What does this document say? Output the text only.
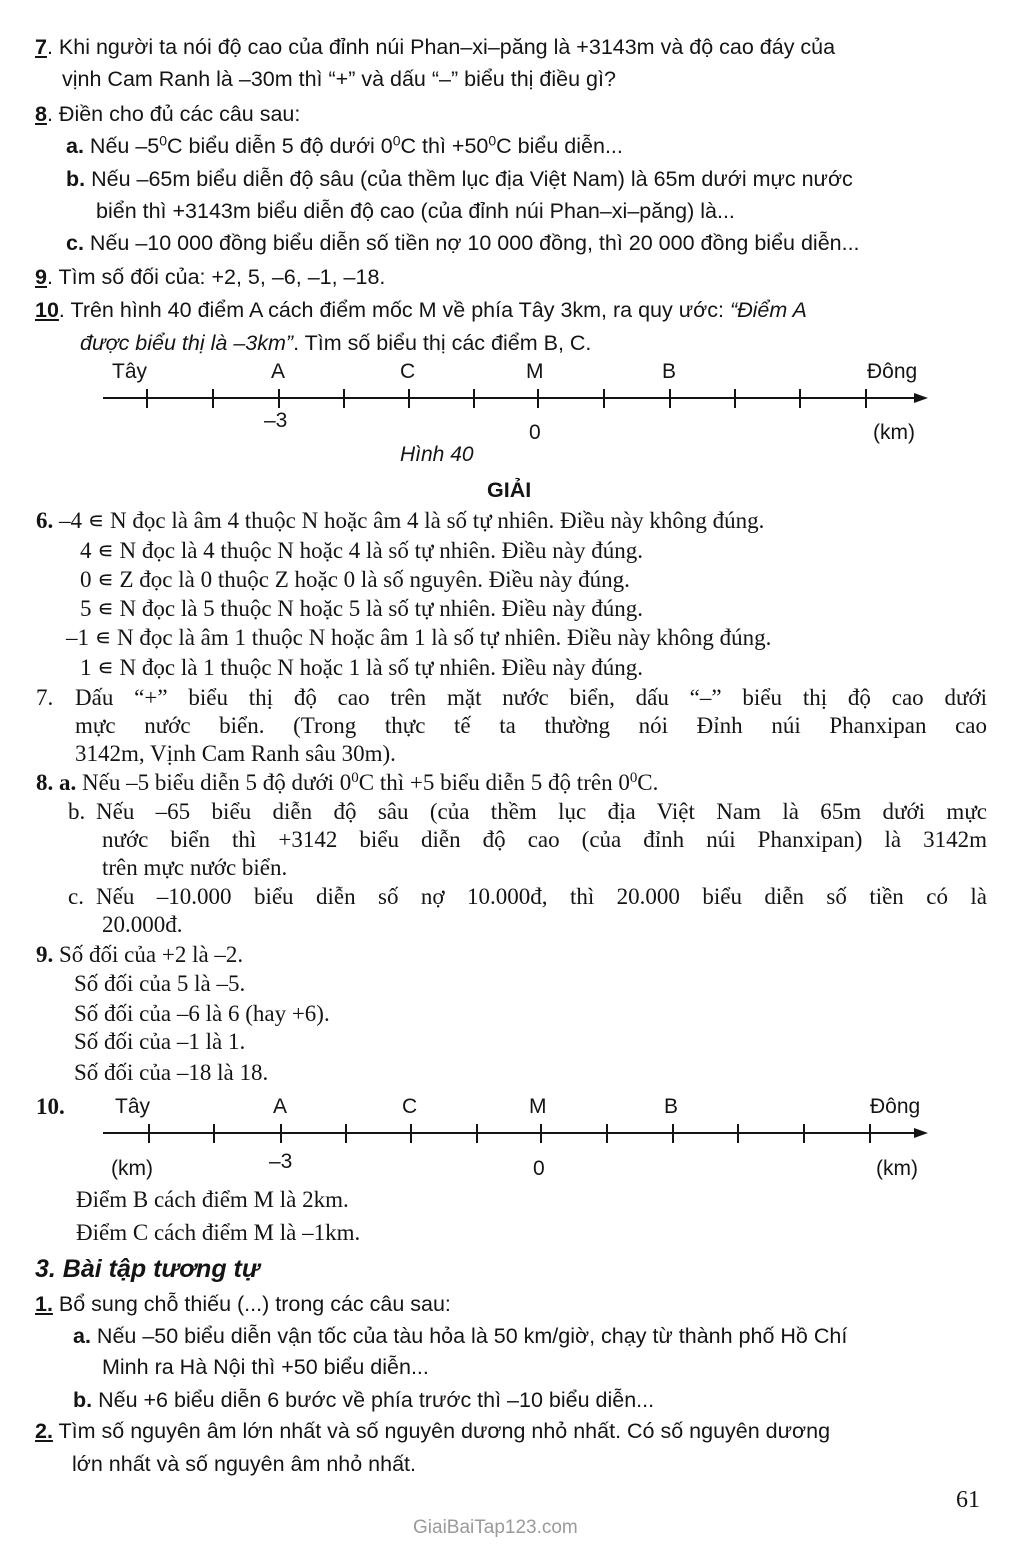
7. Khi người ta nói độ cao của đỉnh núi Phan–xi–păng là +3143m và độ cao đáy của
vịnh Cam Ranh là –30m thì “+” và dấu “–” biểu thị điều gì?
8. Điền cho đủ các câu sau:
a. Nếu $-5^0C$ biểu diễn 5 độ dưới $0^0C$ thì $+50^0C$ biểu diễn...
b. Nếu –65m biểu diễn độ sâu (của thềm lục địa Việt Nam) là 65m dưới mực nước
biển thì +3143m biểu diễn độ cao (của đỉnh núi Phan–xi–păng) là...
c. Nếu –10 000 đồng biểu diễn số tiền nợ 10 000 đồng, thì 20 000 đồng biểu diễn...
9. Tìm số đối của: +2, 5, –6, –1, –18.
10. Trên hình 40 điểm A cách điểm mốc M về phía Tây 3km, ra quy ước: “Điểm A
được biểu thị là –3km”. Tìm số biểu thị các điểm B, C.
Tây	A	C	M	B	Đông
–3
0	(km)
Hình 40
GIẢI
6. –4 ∊ N đọc là âm 4 thuộc N hoặc âm 4 là số tự nhiên. Điều này không đúng.
4 ∊ N đọc là 4 thuộc N hoặc 4 là số tự nhiên. Điều này đúng.
0 ∊ Z đọc là 0 thuộc Z hoặc 0 là số nguyên. Điều này đúng.
5 ∊ N đọc là 5 thuộc N hoặc 5 là số tự nhiên. Điều này đúng.
–1 ∊ N đọc là âm 1 thuộc N hoặc âm 1 là số tự nhiên. Điều này không đúng.
1 ∊ N đọc là 1 thuộc N hoặc 1 là số tự nhiên. Điều này đúng.
7. Dấu “+” biểu thị độ cao trên mặt nước biển, dấu “–” biểu thị độ cao dưới
mực nước biển. (Trong thực tế ta thường nói Đỉnh núi Phanxipan cao
3142m, Vịnh Cam Ranh sâu 30m).
8. a. Nếu –5 biểu diễn 5 độ dưới $0^0C$ thì +5 biểu diễn 5 độ trên $0^0C$.
b. Nếu –65 biểu diễn độ sâu (của thềm lục địa Việt Nam là 65m dưới mực
nước biển thì +3142 biểu diễn độ cao (của đỉnh núi Phanxipan) là 3142m
trên mực nước biển.
c. Nếu –10.000 biểu diễn số nợ 10.000đ, thì 20.000 biểu diễn số tiền có là
20.000đ.
9. Số đối của +2 là –2.
Số đối của 5 là –5.
Số đối của –6 là 6 (hay +6).
Số đối của –1 là 1.
Số đối của –18 là 18.
10. Tây	A	C	M	B	Đông
(km)	–3	0	(km)
Điểm B cách điểm M là 2km.
Điểm C cách điểm M là –1km.
3. Bài tập tương tự
1. Bổ sung chỗ thiếu (...) trong các câu sau:
a. Nếu –50 biểu diễn vận tốc của tàu hỏa là 50 km/giờ, chạy từ thành phố Hồ Chí
Minh ra Hà Nội thì +50 biểu diễn...
b. Nếu +6 biểu diễn 6 bước về phía trước thì –10 biểu diễn...
2. Tìm số nguyên âm lớn nhất và số nguyên dương nhỏ nhất. Có số nguyên dương
lớn nhất và số nguyên âm nhỏ nhất.
61
GiaiBaiTap123.com
